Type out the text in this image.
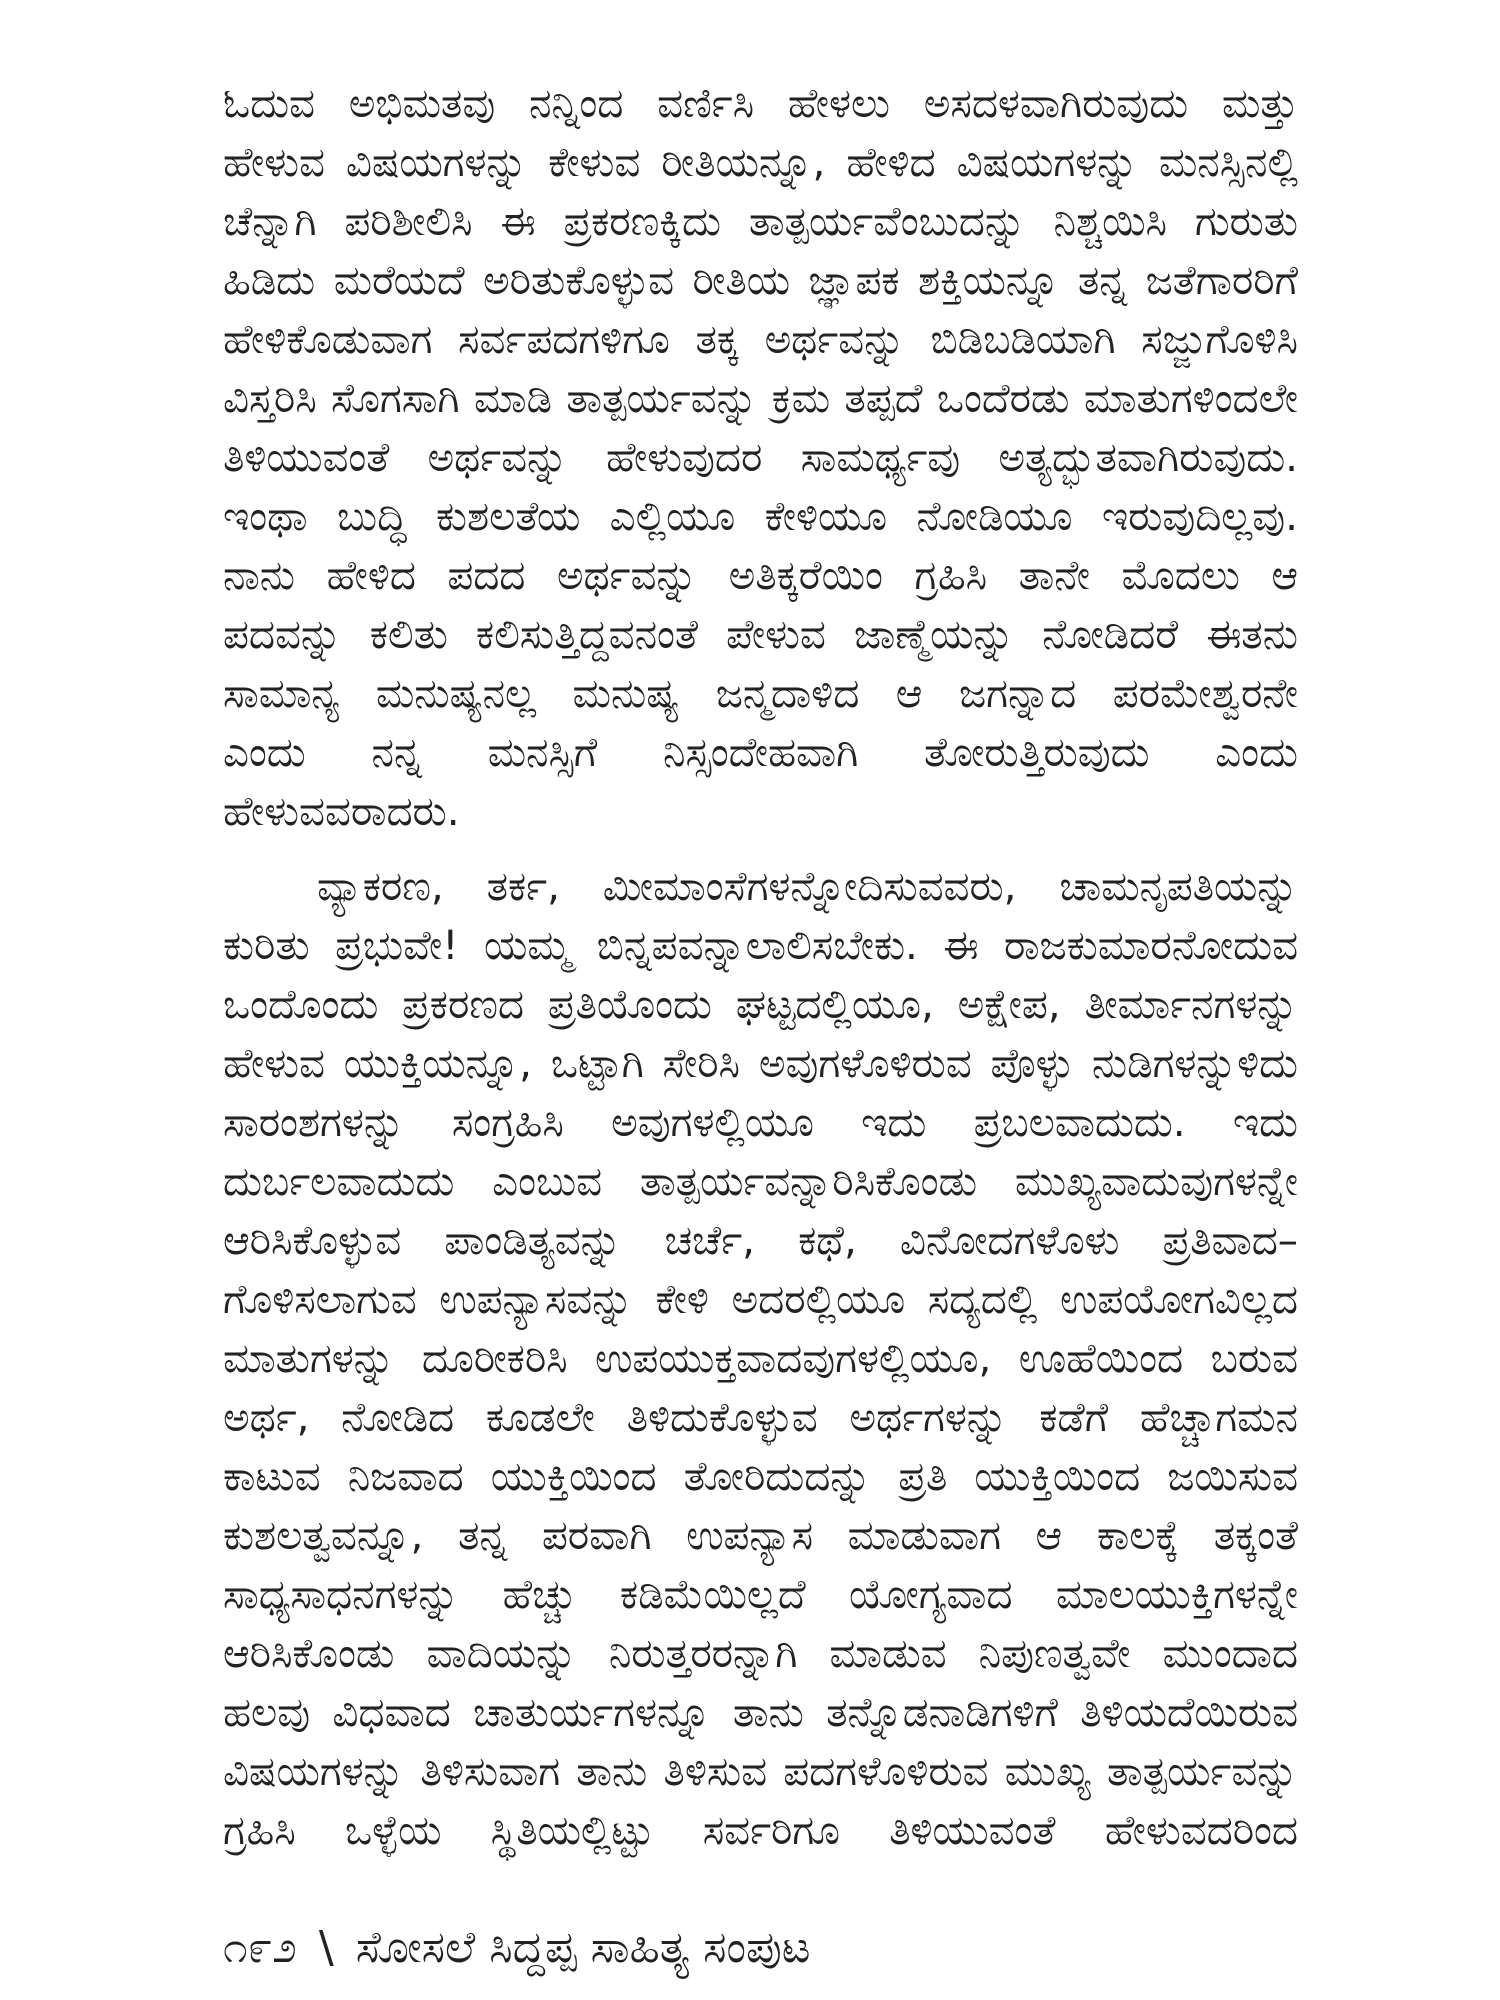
ಓದುವ ಅಭಿಮತವು ನನ್ನಿಂದ ವರ್ಣಿಸಿ ಹೇಳಲು ಅಸದಳವಾಗಿರುವುದು ಮತ್ತು
ಹೇಳುವ ವಿಷಯಗಳನ್ನು ಕೇಳುವ ರೀತಿಯನ್ನೂ, ಹೇಳಿದ ವಿಷಯಗಳನ್ನು ಮನಸ್ಸಿನಲ್ಲಿ
ಚೆನ್ನಾಗಿ ಪರಿಶೀಲಿಸಿ ಈ ಪ್ರಕರಣಕ್ಕಿದು ತಾತ್ಪರ್ಯವೆಂಬುದನ್ನು ನಿಶ್ಚಯಿಸಿ ಗುರುತು
ಹಿಡಿದು ಮರೆಯದೆ ಅರಿತುಕೊಳ್ಳುವ ರೀತಿಯ ಜ್ಞಾಪಕ ಶಕ್ತಿಯನ್ನೂ ತನ್ನ ಜತೆಗಾರರಿಗೆ
ಹೇಳಿಕೊಡುವಾಗ ಸರ್ವಪದಗಳಿಗೂ ತಕ್ಕ ಅರ್ಥವನ್ನು ಬಿಡಿಬಡಿಯಾಗಿ ಸಜ್ಜುಗೊಳಿಸಿ
ವಿಸ್ತರಿಸಿ ಸೊಗಸಾಗಿ ಮಾಡಿ ತಾತ್ಪರ್ಯವನ್ನು ಕ್ರಮ ತಪ್ಪದೆ ಒಂದೆರಡು ಮಾತುಗಳಿಂದಲೇ
ತಿಳಿಯುವಂತೆ ಅರ್ಥವನ್ನು ಹೇಳುವುದರ ಸಾಮರ್ಥ್ಯವು ಅತ್ಯದ್ಭುತವಾಗಿರುವುದು.
ಇಂಥಾ ಬುದ್ಧಿ ಕುಶಲತೆಯ ಎಲ್ಲಿಯೂ ಕೇಳಿಯೂ ನೋಡಿಯೂ ಇರುವುದಿಲ್ಲವು.
ನಾನು ಹೇಳಿದ ಪದದ ಅರ್ಥವನ್ನು ಅತಿಕ್ಕರೆಯಿಂ ಗ್ರಹಿಸಿ ತಾನೇ ಮೊದಲು ಆ
ಪದವನ್ನು ಕಲಿತು ಕಲಿಸುತ್ತಿದ್ದವನಂತೆ ಪೇಳುವ ಜಾಣ್ಮೆಯನ್ನು ನೋಡಿದರೆ ಈತನು
ಸಾಮಾನ್ಯ ಮನುಷ್ಯನಲ್ಲ ಮನುಷ್ಯ ಜನ್ಮದಾಳಿದ ಆ ಜಗನ್ನಾದ ಪರಮೇಶ್ವರನೇ
ಎಂದು ನನ್ನ ಮನಸ್ಸಿಗೆ ನಿಸ್ಸಂದೇಹವಾಗಿ ತೋರುತ್ತಿರುವುದು ಎಂದು
ಹೇಳುವವರಾದರು.
ವ್ಯಾಕರಣ, ತರ್ಕ, ಮೀಮಾಂಸೆಗಳನ್ನೋದಿಸುವವರು, ಚಾಮನೃಪತಿಯನ್ನು
ಕುರಿತು ಪ್ರಭುವೇ! ಯಮ್ಮ ಬಿನ್ನಪವನ್ನಾಲಾಲಿಸಬೇಕು. ಈ ರಾಜಕುಮಾರನೋದುವ
ಒಂದೊಂದು ಪ್ರಕರಣದ ಪ್ರತಿಯೊಂದು ಘಟ್ಟದಲ್ಲಿಯೂ, ಅಕ್ಷೇಪ, ತೀರ್ಮಾನಗಳನ್ನು
ಹೇಳುವ ಯುಕ್ತಿಯನ್ನೂ, ಒಟ್ಟಾಗಿ ಸೇರಿಸಿ ಅವುಗಳೊಳಿರುವ ಪೊಳ್ಳು ನುಡಿಗಳನ್ನುಳಿದು
ಸಾರಂಶಗಳನ್ನು ಸಂಗ್ರಹಿಸಿ ಅವುಗಳಲ್ಲಿಯೂ ಇದು ಪ್ರಬಲವಾದುದು. ಇದು
ದುರ್ಬಲವಾದುದು ಎಂಬುವ ತಾತ್ಪರ್ಯವನ್ನಾರಿಸಿಕೊಂಡು ಮುಖ್ಯವಾದುವುಗಳನ್ನೇ
ಆರಿಸಿಕೊಳ್ಳುವ ಪಾಂಡಿತ್ಯವನ್ನು ಚರ್ಚೆ, ಕಥೆ, ವಿನೋದಗಳೊಳು ಪ್ರತಿವಾದ–
ಗೊಳಿಸಲಾಗುವ ಉಪನ್ಯಾಸವನ್ನು ಕೇಳಿ ಅದರಲ್ಲಿಯೂ ಸದ್ಯದಲ್ಲಿ ಉಪಯೋಗವಿಲ್ಲದ
ಮಾತುಗಳನ್ನು ದೂರೀಕರಿಸಿ ಉಪಯುಕ್ತವಾದವುಗಳಲ್ಲಿಯೂ, ಊಹೆಯಿಂದ ಬರುವ
ಅರ್ಥ, ನೋಡಿದ ಕೂಡಲೇ ತಿಳಿದುಕೊಳ್ಳುವ ಅರ್ಥಗಳನ್ನು ಕಡೆಗೆ ಹೆಚ್ಚಾಗಮನ
ಕಾಟುವ ನಿಜವಾದ ಯುಕ್ತಿಯಿಂದ ತೋರಿದುದನ್ನು ಪ್ರತಿ ಯುಕ್ತಿಯಿಂದ ಜಯಿಸುವ
ಕುಶಲತ್ವವನ್ನೂ, ತನ್ನ ಪರವಾಗಿ ಉಪನ್ಯಾಸ ಮಾಡುವಾಗ ಆ ಕಾಲಕ್ಕೆ ತಕ್ಕಂತೆ
ಸಾಧ್ಯಸಾಧನಗಳನ್ನು ಹೆಚ್ಚು ಕಡಿಮೆಯಿಲ್ಲದೆ ಯೋಗ್ಯವಾದ ಮಾಲಯುಕ್ತಿಗಳನ್ನೇ
ಆರಿಸಿಕೊಂಡು ವಾದಿಯನ್ನು ನಿರುತ್ತರರನ್ನಾಗಿ ಮಾಡುವ ನಿಪುಣತ್ವವೇ ಮುಂದಾದ
ಹಲವು ವಿಧವಾದ ಚಾತುರ್ಯಗಳನ್ನೂ ತಾನು ತನ್ನೊಡನಾಡಿಗಳಿಗೆ ತಿಳಿಯದೆಯಿರುವ
ವಿಷಯಗಳನ್ನು ತಿಳಿಸುವಾಗ ತಾನು ತಿಳಿಸುವ ಪದಗಳೊಳಿರುವ ಮುಖ್ಯ ತಾತ್ಪರ್ಯವನ್ನು
ಗ್ರಹಿಸಿ ಒಳ್ಳೆಯ ಸ್ಥಿತಿಯಲ್ಲಿಟ್ಟು ಸರ್ವರಿಗೂ ತಿಳಿಯುವಂತೆ ಹೇಳುವದರಿಂದ
೧೯೨ \ ಸೋಸಲೆ ಸಿದ್ದಪ್ಪ ಸಾಹಿತ್ಯ ಸಂಪುಟ
